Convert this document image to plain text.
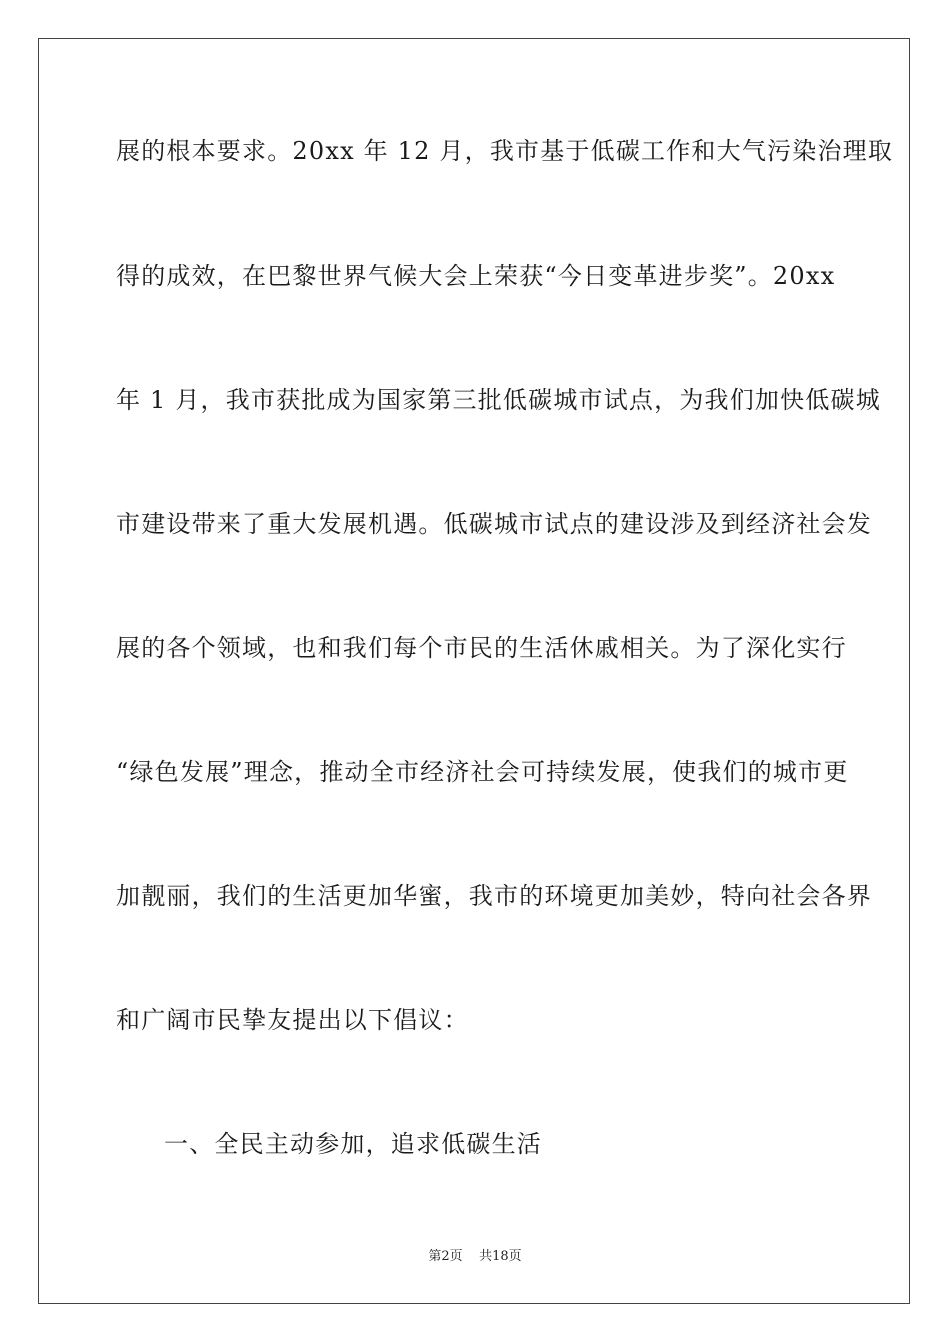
展的根本要求。20xx 年 12 月，我市基于低碳工作和大气污染治理取
得的成效，在巴黎世界气候大会上荣获“今日变革进步奖”。20xx
年 1 月，我市获批成为国家第三批低碳城市试点，为我们加快低碳城
市建设带来了重大发展机遇。低碳城市试点的建设涉及到经济社会发
展的各个领域，也和我们每个市民的生活休戚相关。为了深化实行
“绿色发展”理念，推动全市经济社会可持续发展，使我们的城市更
加靓丽，我们的生活更加华蜜，我市的环境更加美妙，特向社会各界
和广阔市民挚友提出以下倡议：
一、全民主动参加，追求低碳生活
第2页 共18页
